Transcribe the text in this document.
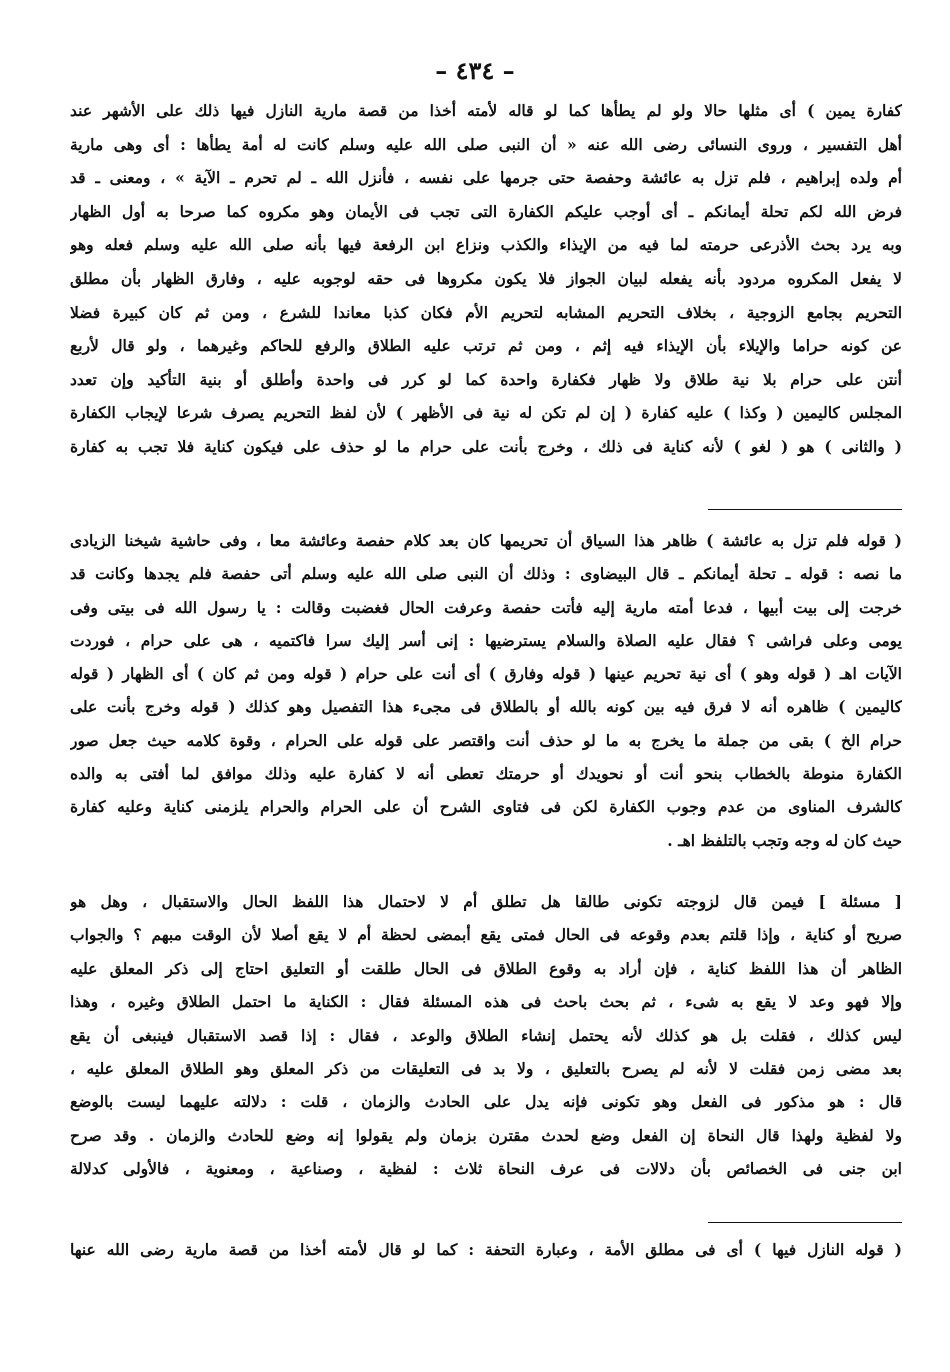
– ٤٣٤ –
كفارة يمين ) أى مثلها حالا ولو لم يطأها كما لو قاله لأمته أخذا من قصة مارية النازل فيها ذلك على الأشهر عند
أهل التفسير ، وروى النسائى رضى الله عنه « أن النبى صلى الله عليه وسلم كانت له أمة يطأها : أى وهى مارية
أم ولده إبراهيم ، فلم تزل به عائشة وحفصة حتى جرمها على نفسه ، فأنزل الله ـ لم تحرم ـ الآية » ، ومعنى ـ قد
فرض الله لكم تحلة أيمانكم ـ أى أوجب عليكم الكفارة التى تجب فى الأيمان وهو مكروه كما صرحا به أول الظهار
وبه يرد بحث الأذرعى حرمته لما فيه من الإيذاء والكذب ونزاع ابن الرفعة فيها بأنه صلى الله عليه وسلم فعله وهو
لا يفعل المكروه مردود بأنه يفعله لبيان الجواز فلا يكون مكروها فى حقه لوجوبه عليه ، وفارق الظهار بأن مطلق
التحريم بجامع الزوجية ، بخلاف التحريم المشابه لتحريم الأم فكان كذبا معاندا للشرع ، ومن ثم كان كبيرة فضلا
عن كونه حراما والإيلاء بأن الإيذاء فيه إثم ، ومن ثم ترتب عليه الطلاق والرفع للحاكم وغيرهما ، ولو قال لأربع
أنتن على حرام بلا نية طلاق ولا ظهار فكفارة واحدة كما لو كرر فى واحدة وأطلق أو بنية التأكيد وإن تعدد
المجلس كاليمين ( وكذا ) عليه كفارة ( إن لم تكن له نية فى الأظهر ) لأن لفظ التحريم يصرف شرعا لإيجاب الكفارة
( والثانى ) هو ( لغو ) لأنه كناية فى ذلك ، وخرج بأنت على حرام ما لو حذف على فيكون كناية فلا تجب به كفارة
( قوله فلم تزل به عائشة ) ظاهر هذا السياق أن تحريمها كان بعد كلام حفصة وعائشة معا ، وفى حاشية شيخنا الزيادى
ما نصه : قوله ـ تحلة أيمانكم ـ قال البيضاوى : وذلك أن النبى صلى الله عليه وسلم أتى حفصة فلم يجدها وكانت قد
خرجت إلى بيت أبيها ، فدعا أمته مارية إليه فأتت حفصة وعرفت الحال فغضبت وقالت : يا رسول الله فى بيتى وفى
يومى وعلى فراشى ؟ فقال عليه الصلاة والسلام يسترضيها : إنى أسر إليك سرا فاكتميه ، هى على حرام ، فوردت
الآيات اهـ ( قوله وهو ) أى نية تحريم عينها ( قوله وفارق ) أى أنت على حرام ( قوله ومن ثم كان ) أى الظهار ( قوله
كاليمين ) ظاهره أنه لا فرق فيه بين كونه بالله أو بالطلاق فى مجىء هذا التفصيل وهو كذلك ( قوله وخرج بأنت على
حرام الخ ) بقى من جملة ما يخرج به ما لو حذف أنت واقتصر على قوله على الحرام ، وقوة كلامه حيث جعل صور
الكفارة منوطة بالخطاب بنحو أنت أو نحويدك أو حرمتك تعطى أنه لا كفارة عليه وذلك موافق لما أفتى به والده
كالشرف المناوى من عدم وجوب الكفارة لكن فى فتاوى الشرح أن على الحرام والحرام يلزمنى كناية وعليه كفارة
حيث كان له وجه وتجب بالتلفظ اهـ .
[ مسئلة ] فيمن قال لزوجته تكونى طالقا هل تطلق أم لا لاحتمال هذا اللفظ الحال والاستقبال ، وهل هو
صريح أو كناية ، وإذا قلتم بعدم وقوعه فى الحال فمتى يقع أبمضى لحظة أم لا يقع أصلا لأن الوقت مبهم ؟ والجواب
الظاهر أن هذا اللفظ كناية ، فإن أراد به وقوع الطلاق فى الحال طلقت أو التعليق احتاج إلى ذكر المعلق عليه
وإلا فهو وعد لا يقع به شىء ، ثم بحث باحث فى هذه المسئلة فقال : الكناية ما احتمل الطلاق وغيره ، وهذا
ليس كذلك ، فقلت بل هو كذلك لأنه يحتمل إنشاء الطلاق والوعد ، فقال : إذا قصد الاستقبال فينبغى أن يقع
بعد مضى زمن فقلت لا لأنه لم يصرح بالتعليق ، ولا بد فى التعليقات من ذكر المعلق وهو الطلاق المعلق عليه ،
قال : هو مذكور فى الفعل وهو تكونى فإنه يدل على الحادث والزمان ، قلت : دلالته عليهما ليست بالوضع
ولا لفظية ولهذا قال النحاة إن الفعل وضع لحدث مقترن بزمان ولم يقولوا إنه وضع للحادث والزمان . وقد صرح
ابن جنى فى الخصائص بأن دلالات فى عرف النحاة ثلاث : لفظية ، وصناعية ، ومعنوية ، فالأولى كدلالة
( قوله النازل فيها ) أى فى مطلق الأمة ، وعبارة التحفة : كما لو قال لأمته أخذا من قصة مارية رضى الله عنها
